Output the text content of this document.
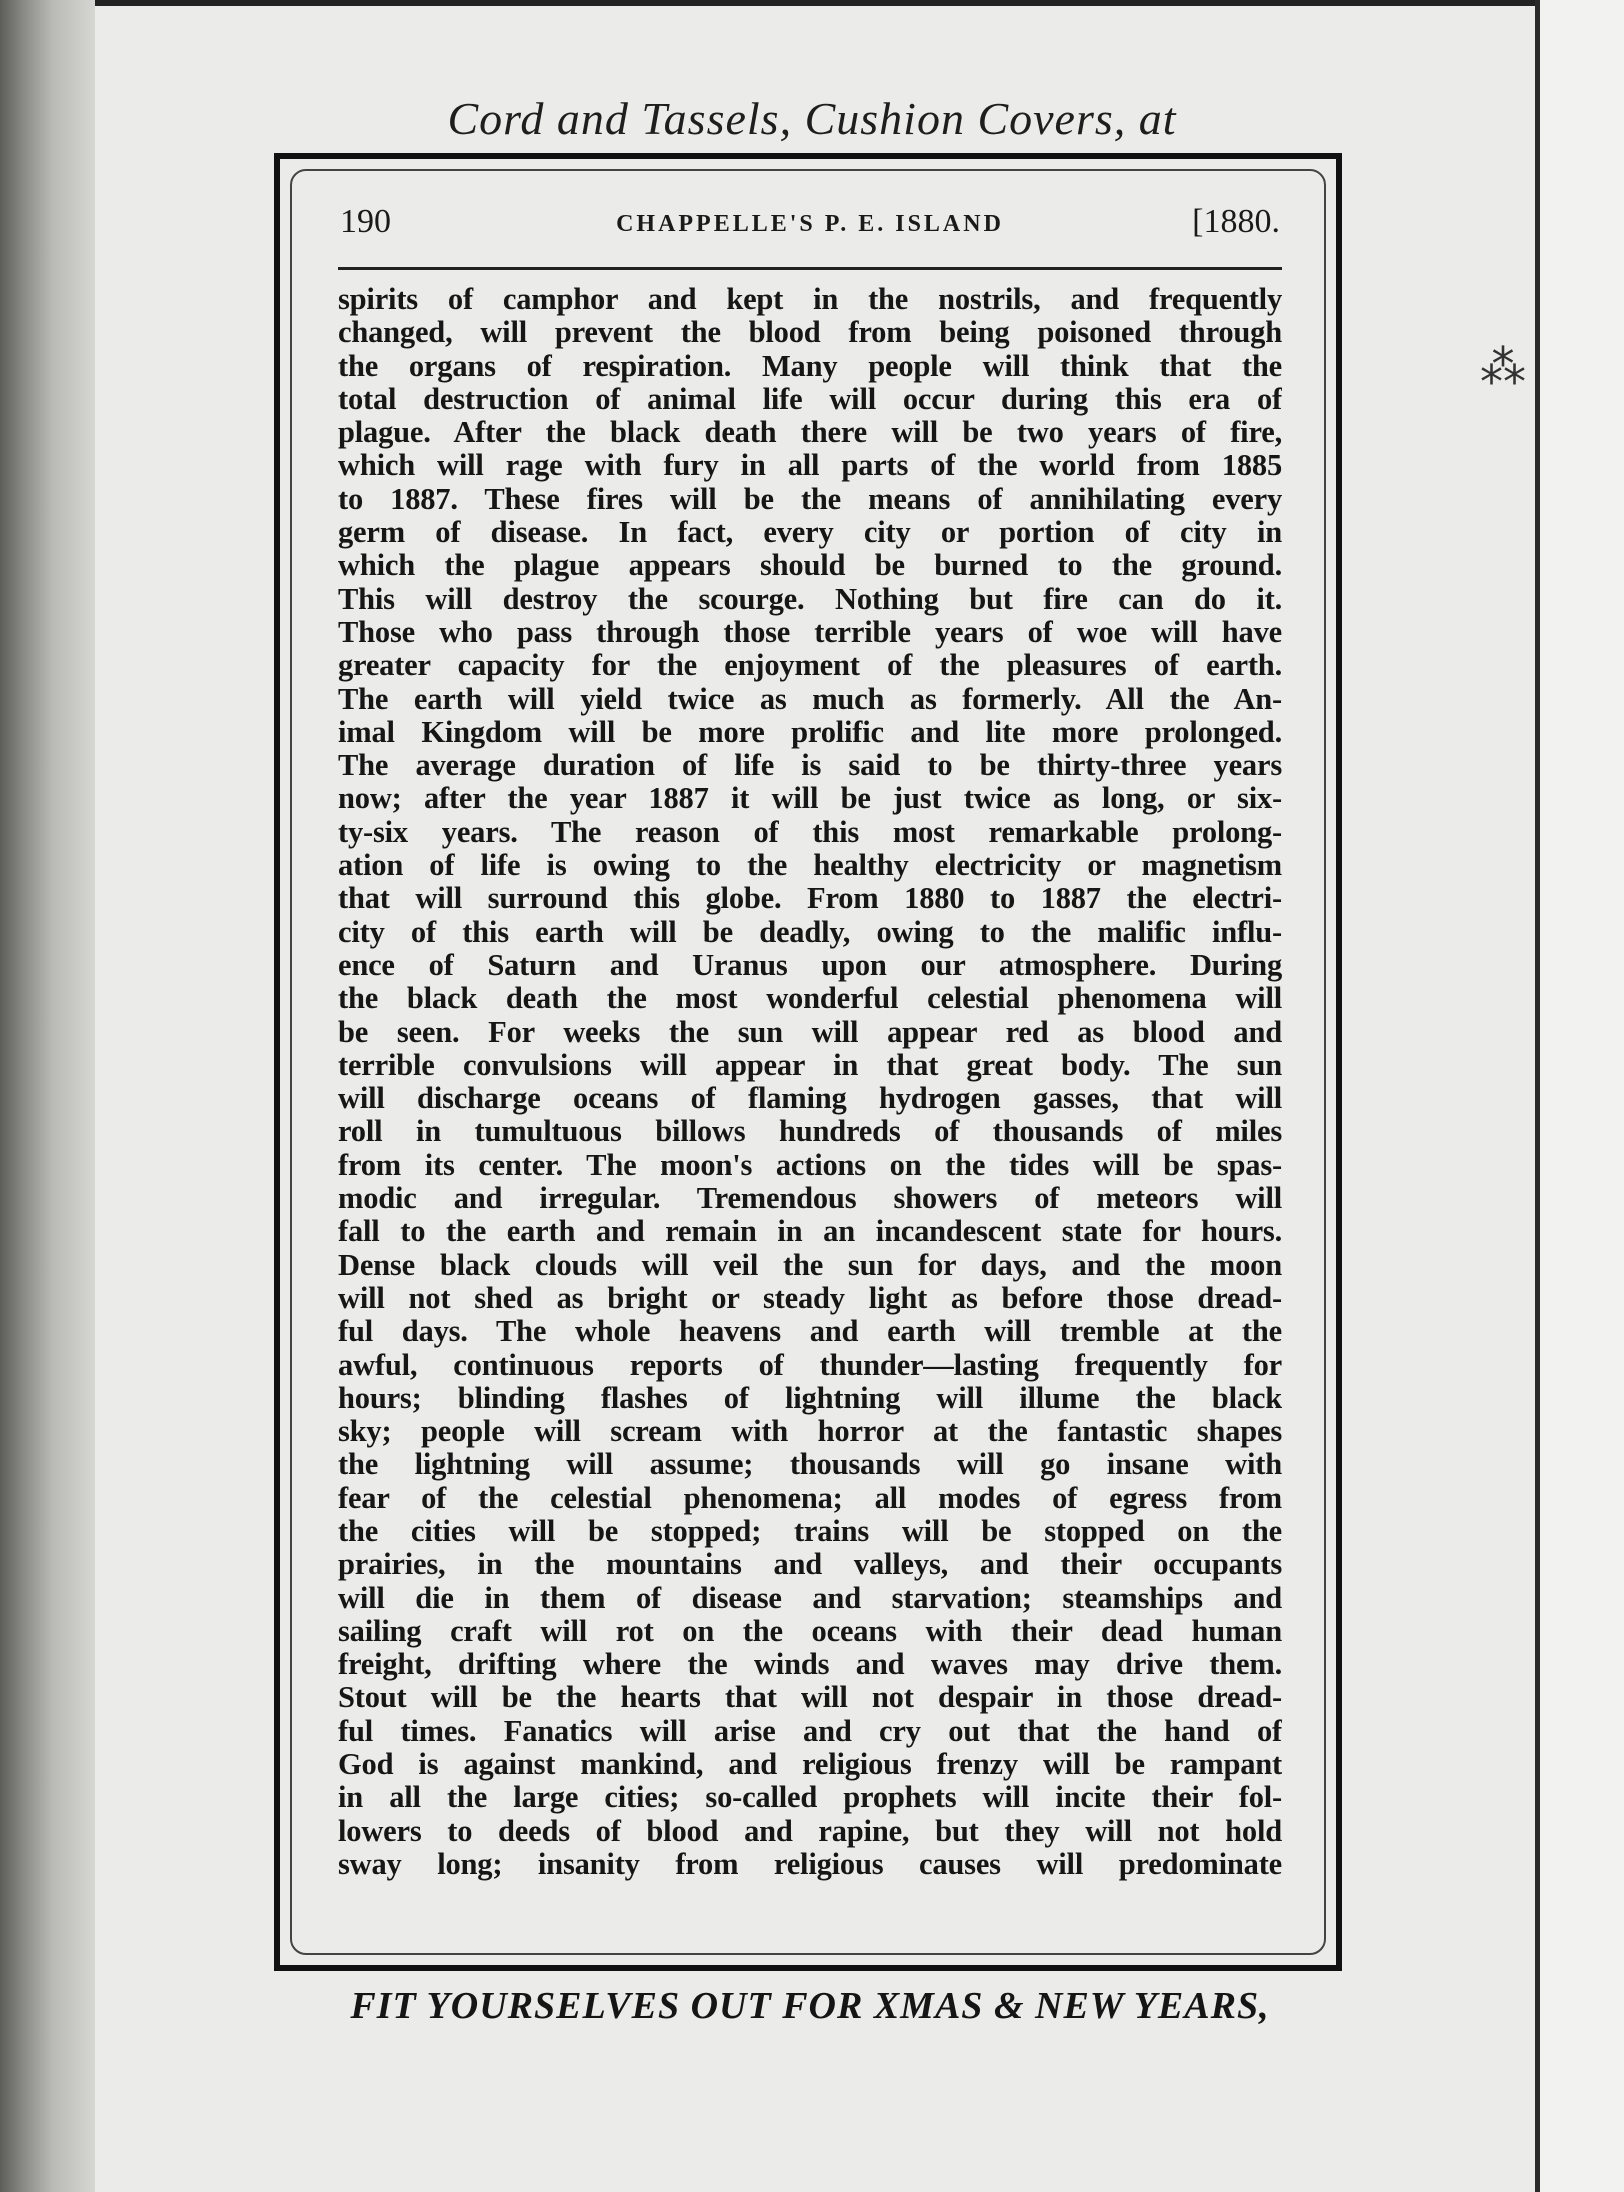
⁂
Cord and Tassels, Cushion Covers, at
190	CHAPPELLE'S P. E. ISLAND	[1880.
spirits of camphor and kept in the nostrils, and frequently
changed, will prevent the blood from being poisoned through
the organs of respiration. Many people will think that the
total destruction of animal life will occur during this era of
plague. After the black death there will be two years of fire,
which will rage with fury in all parts of the world from 1885
to 1887. These fires will be the means of annihilating every
germ of disease. In fact, every city or portion of city in
which the plague appears should be burned to the ground.
This will destroy the scourge. Nothing but fire can do it.
Those who pass through those terrible years of woe will have
greater capacity for the enjoyment of the pleasures of earth.
The earth will yield twice as much as formerly. All the An-
imal Kingdom will be more prolific and lite more prolonged.
The average duration of life is said to be thirty-three years
now; after the year 1887 it will be just twice as long, or six-
ty-six years. The reason of this most remarkable prolong-
ation of life is owing to the healthy electricity or magnetism
that will surround this globe. From 1880 to 1887 the electri-
city of this earth will be deadly, owing to the malific influ-
ence of Saturn and Uranus upon our atmosphere. During
the black death the most wonderful celestial phenomena will
be seen. For weeks the sun will appear red as blood and
terrible convulsions will appear in that great body. The sun
will discharge oceans of flaming hydrogen gasses, that will
roll in tumultuous billows hundreds of thousands of miles
from its center. The moon's actions on the tides will be spas-
modic and irregular. Tremendous showers of meteors will
fall to the earth and remain in an incandescent state for hours.
Dense black clouds will veil the sun for days, and the moon
will not shed as bright or steady light as before those dread-
ful days. The whole heavens and earth will tremble at the
awful, continuous reports of thunder—lasting frequently for
hours; blinding flashes of lightning will illume the black
sky; people will scream with horror at the fantastic shapes
the lightning will assume; thousands will go insane with
fear of the celestial phenomena; all modes of egress from
the cities will be stopped; trains will be stopped on the
prairies, in the mountains and valleys, and their occupants
will die in them of disease and starvation; steamships and
sailing craft will rot on the oceans with their dead human
freight, drifting where the winds and waves may drive them.
Stout will be the hearts that will not despair in those dread-
ful times. Fanatics will arise and cry out that the hand of
God is against mankind, and religious frenzy will be rampant
in all the large cities; so-called prophets will incite their fol-
lowers to deeds of blood and rapine, but they will not hold
sway long; insanity from religious causes will predominate
FIT YOURSELVES OUT FOR XMAS & NEW YEARS,
